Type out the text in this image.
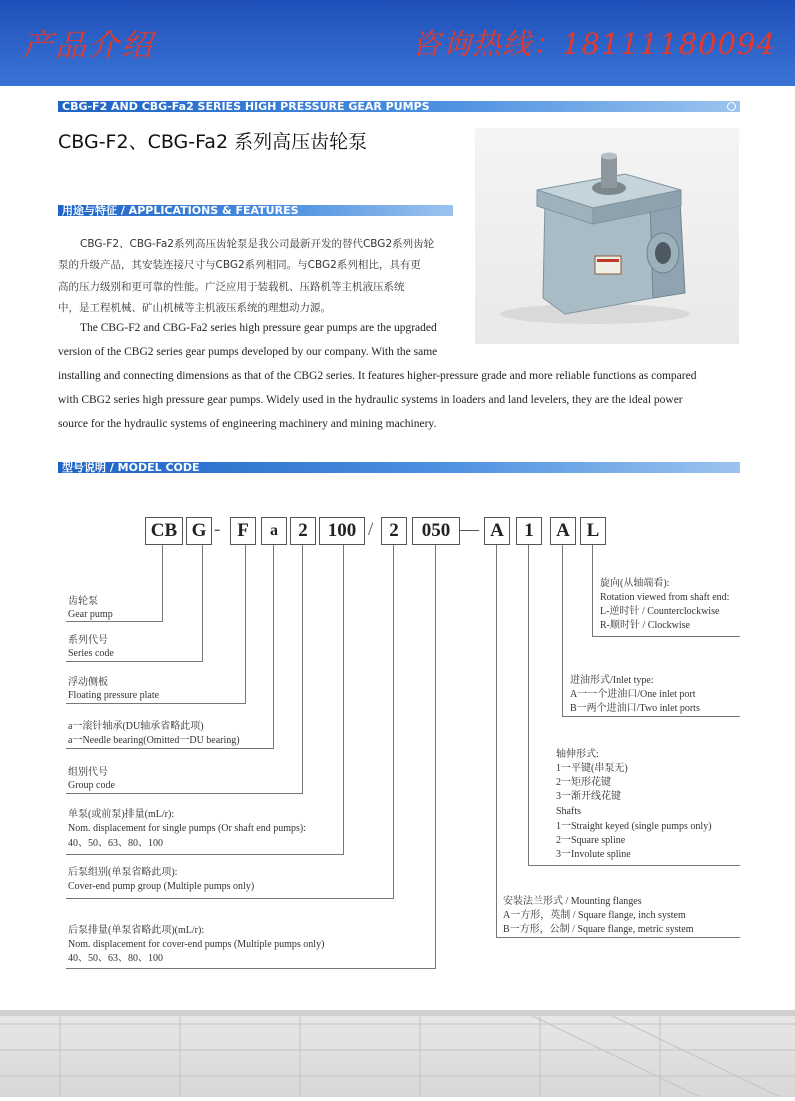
产品介绍	咨询热线：18111180094
CBG-F2 AND CBG-Fa2 SERIES HIGH PRESSURE GEAR PUMPS
CBG-F2、CBG-Fa2 系列高压齿轮泵
用途与特征 / APPLICATIONS & FEATURES
CBG-F2、CBG-Fa2系列高压齿轮泵是我公司最新开发的替代CBG2系列齿轮
泵的升级产品，其安装连接尺寸与CBG2系列相同。与CBG2系列相比，具有更
高的压力级别和更可靠的性能。广泛应用于装载机、压路机等主机液压系统
中，是工程机械、矿山机械等主机液压系统的理想动力源。
The CBG-F2 and CBG-Fa2 series high pressure gear pumps are the upgraded
version of the CBG2 series gear pumps developed by our company. With the same
installing and connecting dimensions as that of the CBG2 series. It features higher-pressure grade and more reliable functions as compared
with CBG2 series high pressure gear pumps. Widely used in the hydraulic systems in loaders and land levelers, they are the ideal power
source for the hydraulic systems of engineering machinery and mining machinery.
型号说明 / MODEL CODE
CB G - F	a	2	100 / 2	050 — A	1	A L
齿轮泵
Gear pump
系列代号
Series code
浮动侧板
Floating pressure plate
a一滚针轴承(DU轴承省略此项)
a一Needle bearing(Omitted一DU bearing)
组别代号
Group code
单泵(或前泵)排量(mL/r):
Nom. displacement for single pumps (Or shaft end pumps):
40、50、63、80、100
后泵组别(单泵省略此项):
Cover-end pump group (Multiple pumps only)
后泵排量(单泵省略此项)(mL/r):
Nom. displacement for cover-end pumps (Multiple pumps only)
40、50、63、80、100
旋向(从轴端看):
Rotation viewed from shaft end:
L-逆时针 / Counterclockwise
R-顺时针 / Clockwise
进油形式/Inlet type:
A一一个进油口/One inlet port
B一两个进油口/Two inlet ports
轴伸形式:
1一平键(串泵无)
2一矩形花键
3一渐开线花键
Shafts
1一Straight keyed (single pumps only)
2一Square spline
3一Involute spline
安装法兰形式 / Mounting flanges
A一方形，英制 / Square flange, inch system
B一方形，公制 / Square flange, metric system
